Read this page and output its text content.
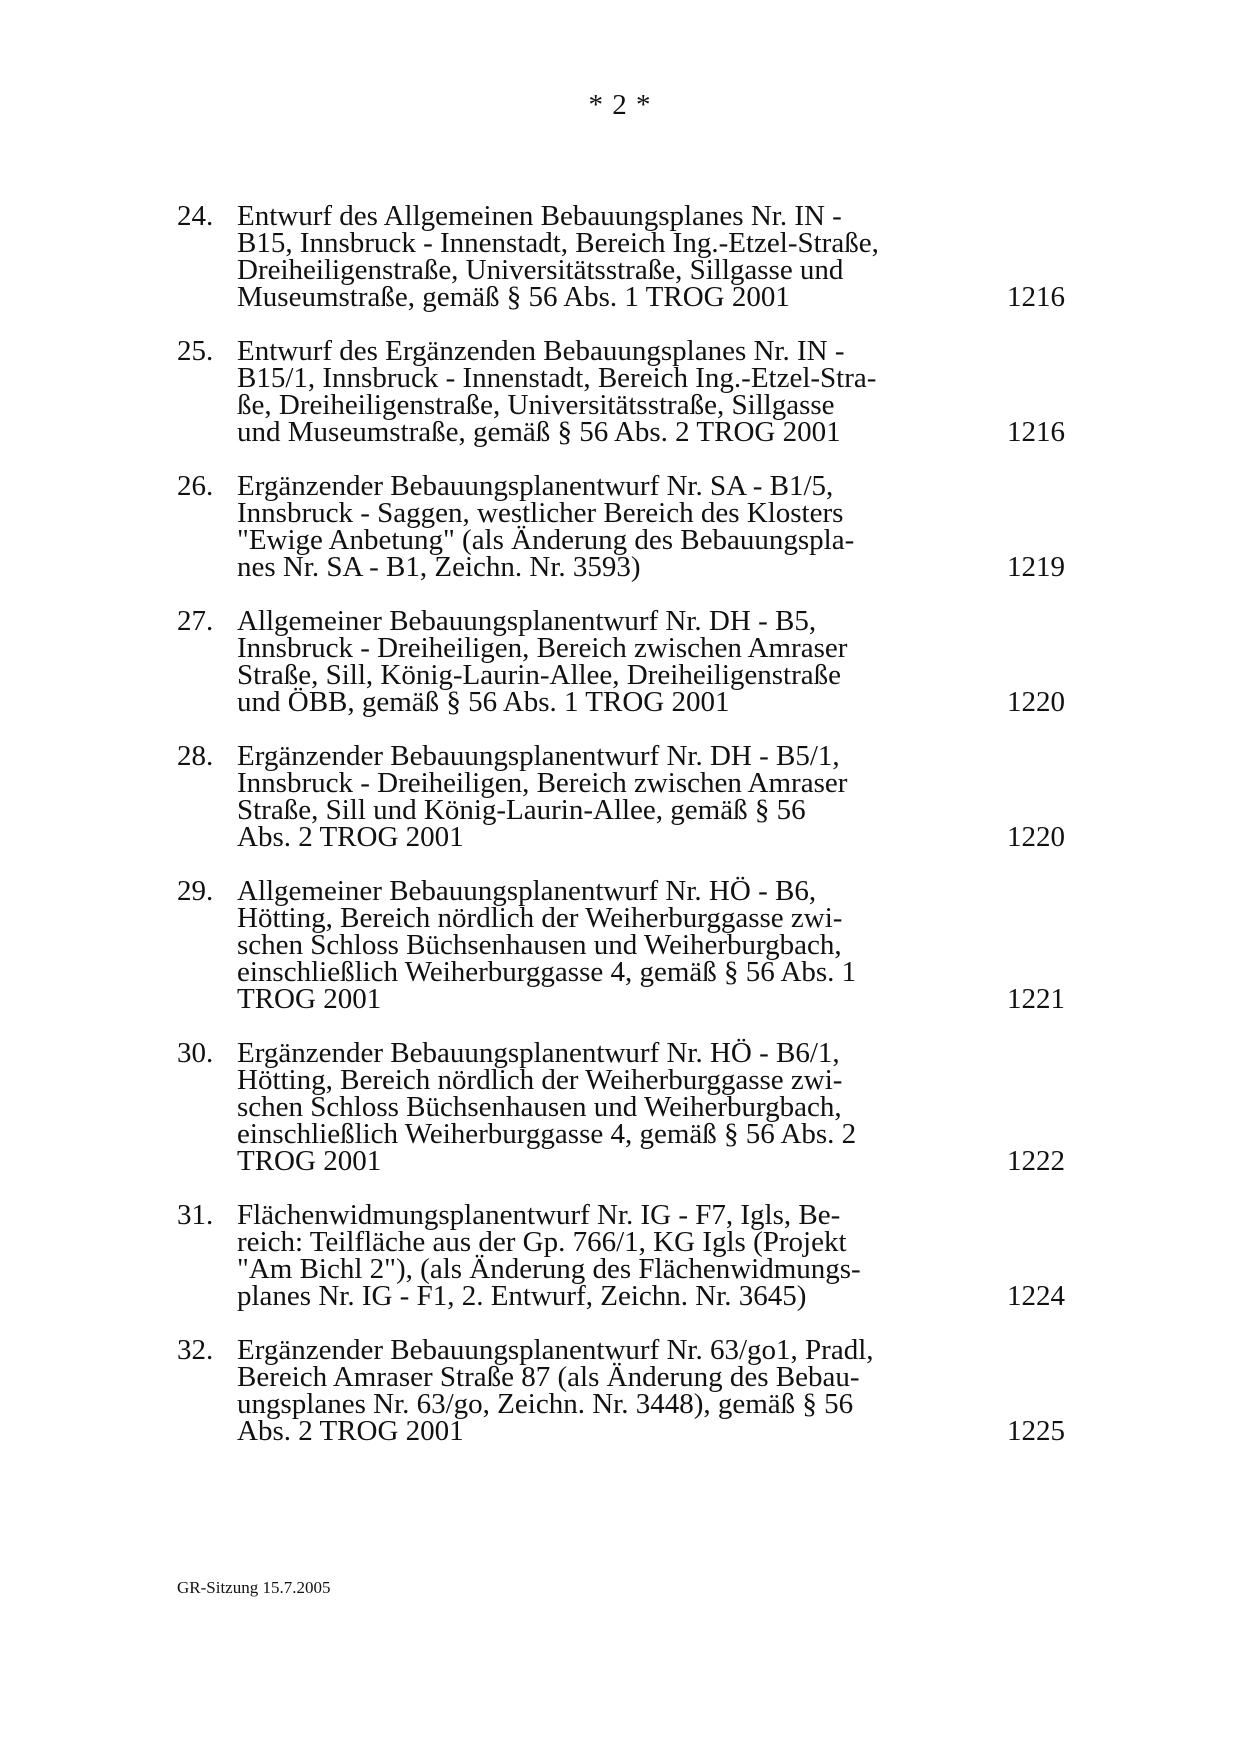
* 2 *
24. Entwurf des Allgemeinen Bebauungsplanes Nr. IN -
B15, Innsbruck - Innenstadt, Bereich Ing.-Etzel-Straße,
Dreiheiligenstraße, Universitätsstraße, Sillgasse und
Museumstraße, gemäß § 56 Abs. 1 TROG 2001	1216
25. Entwurf des Ergänzenden Bebauungsplanes Nr. IN -
B15/1, Innsbruck - Innenstadt, Bereich Ing.-Etzel-Stra-
ße, Dreiheiligenstraße, Universitätsstraße, Sillgasse
und Museumstraße, gemäß § 56 Abs. 2 TROG 2001	1216
26. Ergänzender Bebauungsplanentwurf Nr. SA - B1/5,
Innsbruck - Saggen, westlicher Bereich des Klosters
"Ewige Anbetung" (als Änderung des Bebauungspla-
nes Nr. SA - B1, Zeichn. Nr. 3593)	1219
27. Allgemeiner Bebauungsplanentwurf Nr. DH - B5,
Innsbruck - Dreiheiligen, Bereich zwischen Amraser
Straße, Sill, König-Laurin-Allee, Dreiheiligenstraße
und ÖBB, gemäß § 56 Abs. 1 TROG 2001	1220
28. Ergänzender Bebauungsplanentwurf Nr. DH - B5/1,
Innsbruck - Dreiheiligen, Bereich zwischen Amraser
Straße, Sill und König-Laurin-Allee, gemäß § 56
Abs. 2 TROG 2001	1220
29. Allgemeiner Bebauungsplanentwurf Nr. HÖ - B6,
Hötting, Bereich nördlich der Weiherburggasse zwi-
schen Schloss Büchsenhausen und Weiherburgbach,
einschließlich Weiherburggasse 4, gemäß § 56 Abs. 1
TROG 2001	1221
30. Ergänzender Bebauungsplanentwurf Nr. HÖ - B6/1,
Hötting, Bereich nördlich der Weiherburggasse zwi-
schen Schloss Büchsenhausen und Weiherburgbach,
einschließlich Weiherburggasse 4, gemäß § 56 Abs. 2
TROG 2001	1222
31. Flächenwidmungsplanentwurf Nr. IG - F7, Igls, Be-
reich: Teilfläche aus der Gp. 766/1, KG Igls (Projekt
"Am Bichl 2"), (als Änderung des Flächenwidmungs-
planes Nr. IG - F1, 2. Entwurf, Zeichn. Nr. 3645)	1224
32. Ergänzender Bebauungsplanentwurf Nr. 63/go1, Pradl,
Bereich Amraser Straße 87 (als Änderung des Bebau-
ungsplanes Nr. 63/go, Zeichn. Nr. 3448), gemäß § 56
Abs. 2 TROG 2001	1225
GR-Sitzung 15.7.2005
